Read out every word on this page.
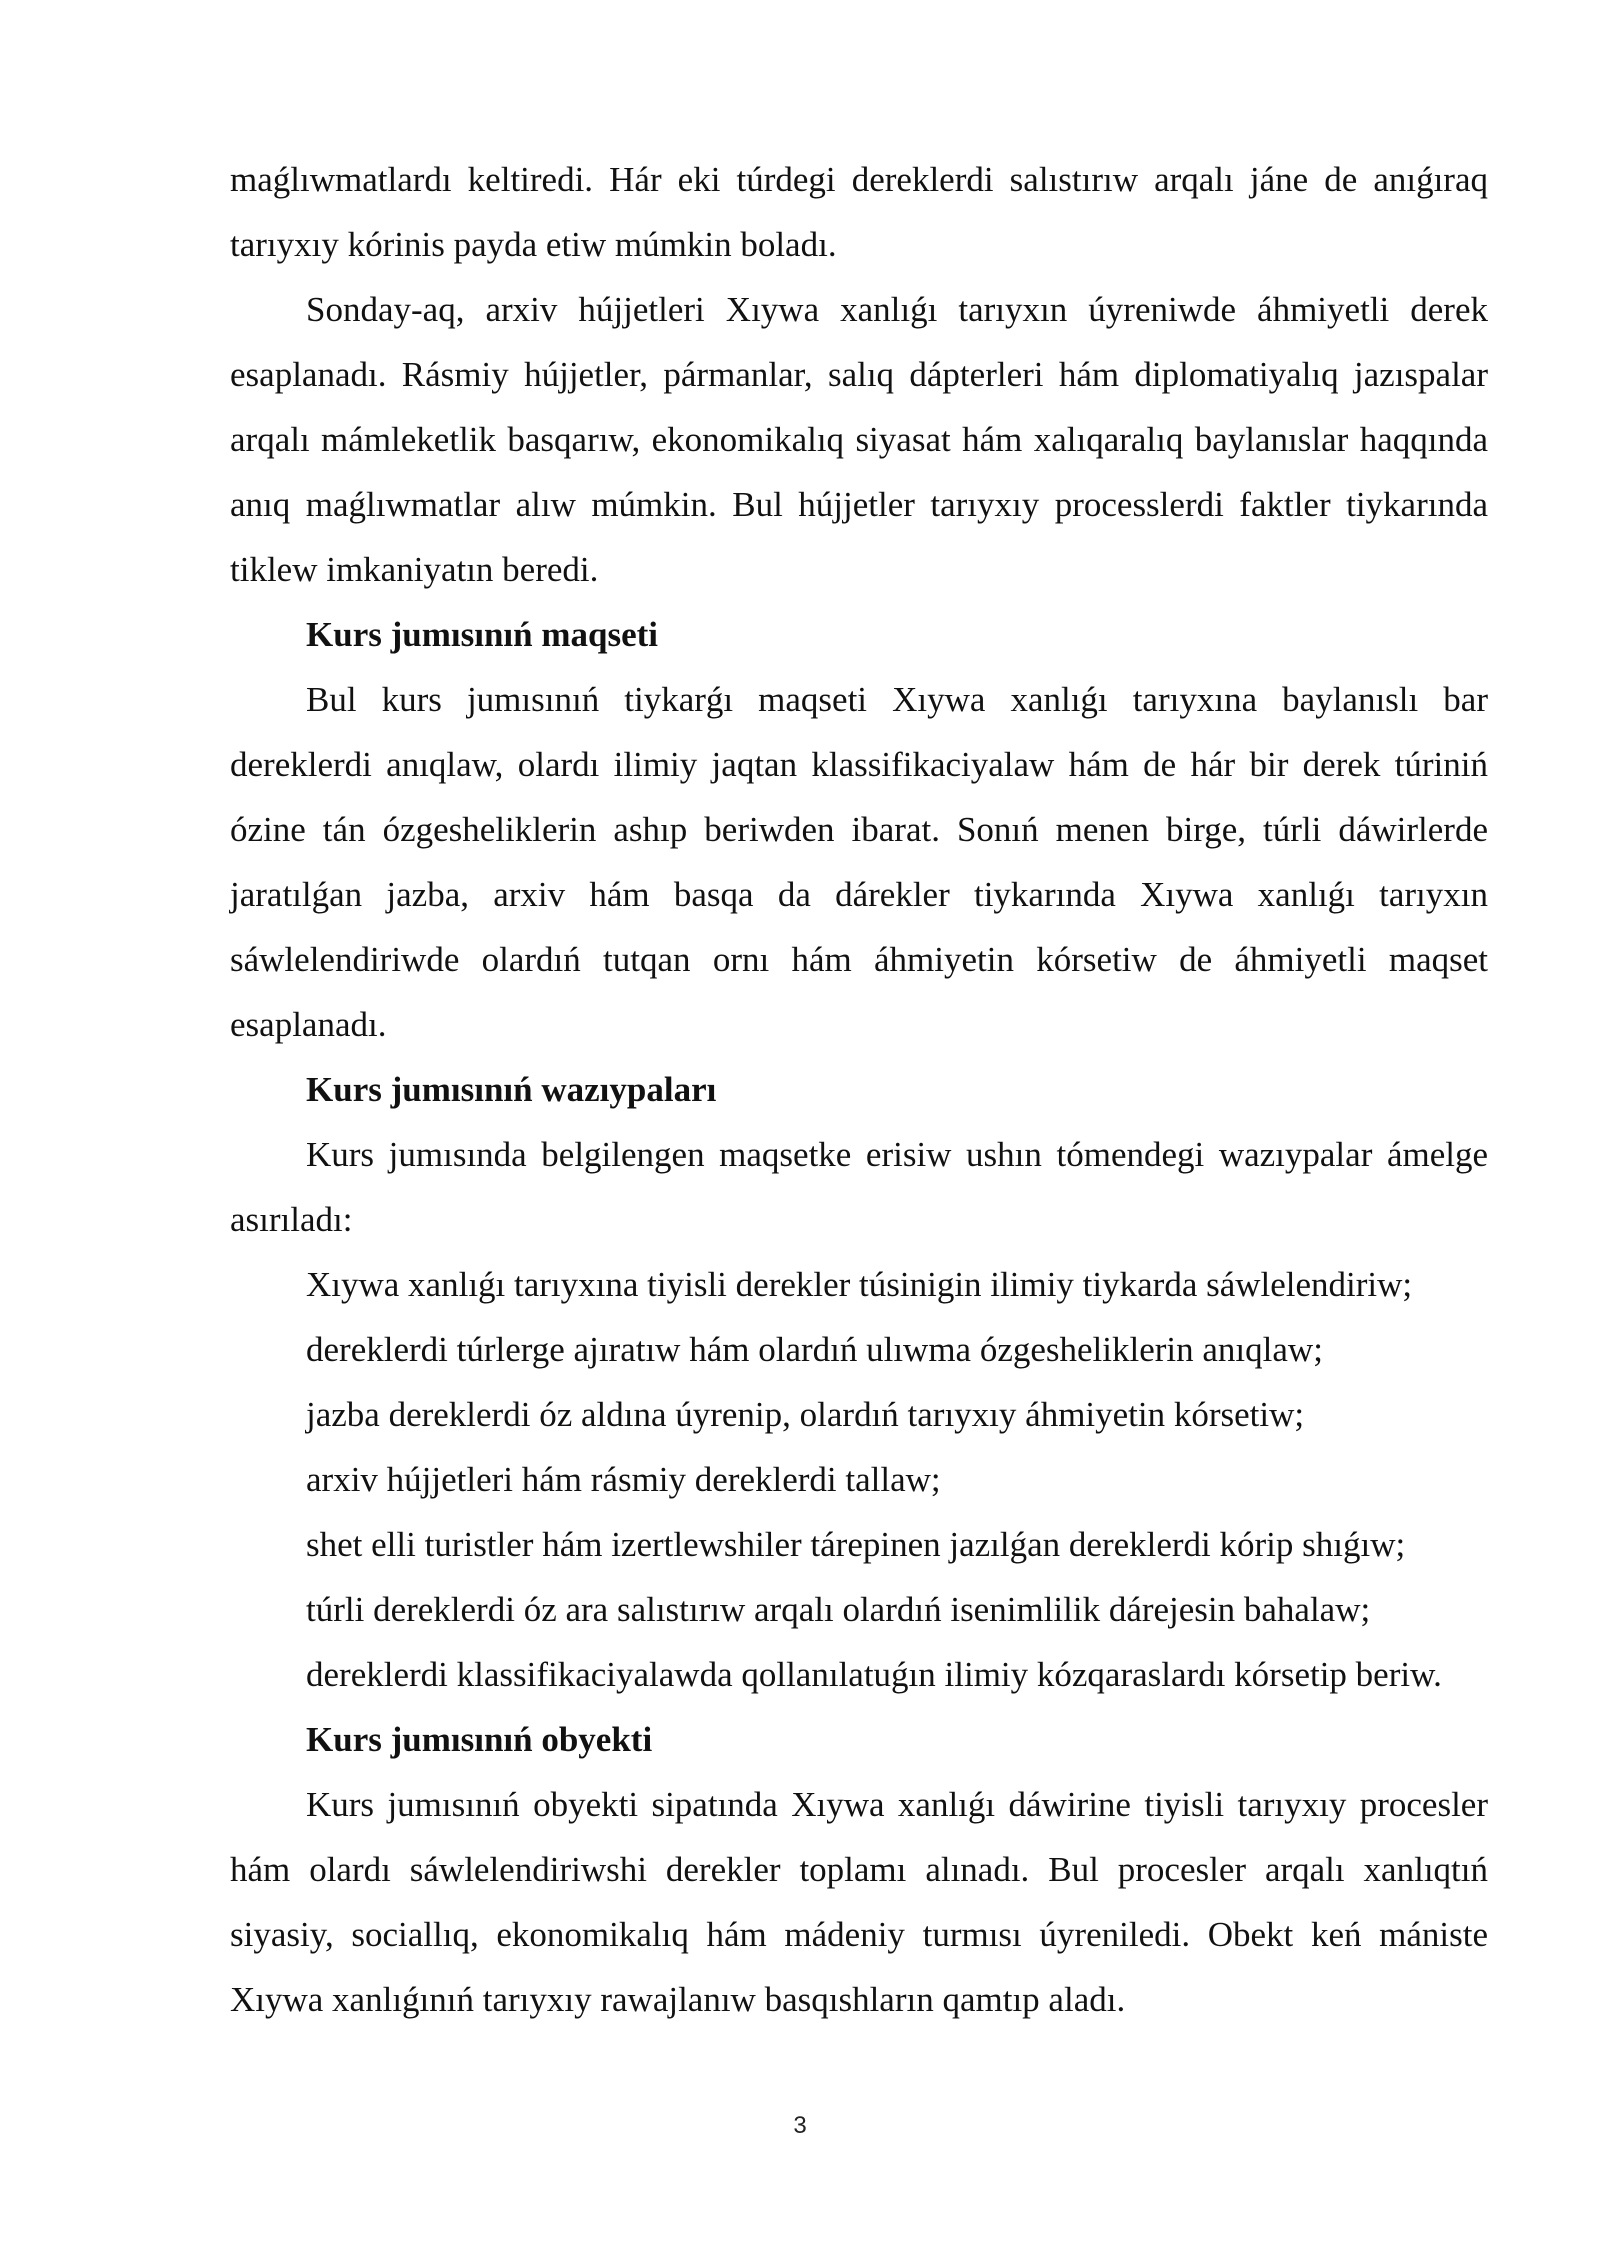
maǵlıwmatlardı keltiredi. Hár eki túrdegi dereklerdi salıstırıw arqalı jáne de anıǵıraq tarıyxıy kórinis payda etiw múmkin boladı.

Sonday-aq, arxiv hújjetleri Xıywa xanlıǵı tarıyxın úyreniwde áhmiyetli derek esaplanadı. Rásmiy hújjetler, pármanlar, salıq dápterleri hám diplomatiyalıq jazıspalar arqalı mámleketlik basqarıw, ekonomikalıq siyasat hám xalıqaralıq baylanıslar haqqında anıq maǵlıwmatlar alıw múmkin. Bul hújjetler tarıyxıy processlerdi faktler tiykarında tiklew imkaniyatın beredi.

Kurs jumısınıń maqseti

Bul kurs jumısınıń tiykarǵı maqseti Xıywa xanlıǵı tarıyxına baylanıslı bar dereklerdi anıqlaw, olardı ilimiy jaqtan klassifikaciyalaw hám de hár bir derek túriniń ózine tán ózgesheliklerin ashıp beriwden ibarat. Sonıń menen birge, túrli dáwirlerde jaratılǵan jazba, arxiv hám basqa da dárekler tiykarında Xıywa xanlıǵı tarıyxın sáwlelendiriwde olardıń tutqan ornı hám áhmiyetin kórsetiw de áhmiyetli maqset esaplanadı.

Kurs jumısınıń wazıypaları

Kurs jumısında belgilengen maqsetke erisiw ushın tómendegi wazıypalar ámelge asırıladı:

Xıywa xanlıǵı tarıyxına tiyisli derekler túsinigin ilimiy tiykarda sáwlelendiriw;

dereklerdi túrlerge ajıratıw hám olardıń ulıwma ózgesheliklerin anıqlaw;

jazba dereklerdi óz aldına úyrenip, olardıń tarıyxıy áhmiyetin kórsetiw;

arxiv hújjetleri hám rásmiy dereklerdi tallaw;

shet elli turistler hám izertlewshiler tárepinen jazılǵan dereklerdi kórip shıǵıw;

túrli dereklerdi óz ara salıstırıw arqalı olardıń isenimlilik dárejesin bahalaw;

dereklerdi klassifikaciyalawda qollanılatuǵın ilimiy kózqaraslardı kórsetip beriw.

Kurs jumısınıń obyekti

Kurs jumısınıń obyekti sipatında Xıywa xanlıǵı dáwirine tiyisli tarıyxıy procesler hám olardı sáwlelendiriwshi derekler toplamı alınadı. Bul procesler arqalı xanlıqtıń siyasiy, sociallıq, ekonomikalıq hám mádeniy turmısı úyreniledi. Obekt keń mániste Xıywa xanlıǵınıń tarıyxıy rawajlanıw basqıshların qamtıp aladı.

3
